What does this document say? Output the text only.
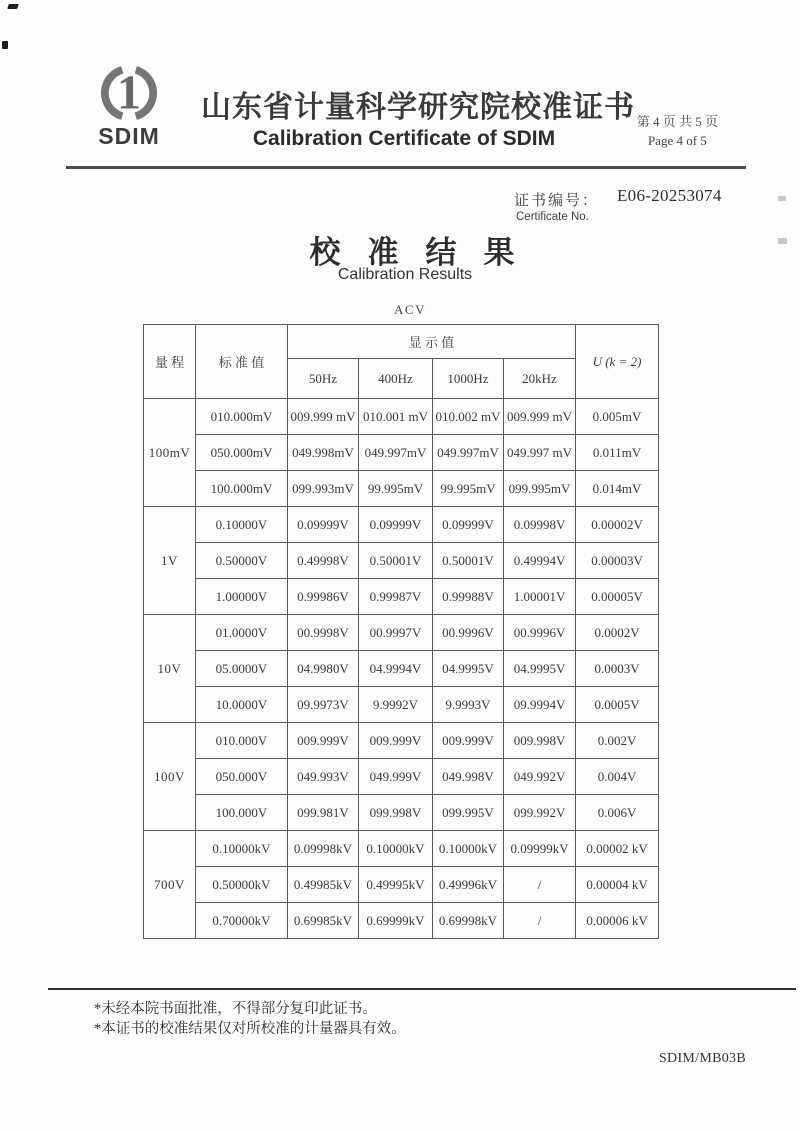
1
SDIM
山东省计量科学研究院校准证书
Calibration Certificate of SDIM
第 4 页 共 5 页
Page 4 of 5
证书编号： E06-20253074
Certificate No.
校准结果
Calibration Results
ACV
量 程	标 准 值	显 示 值				U (k = 2)
		50Hz	400Hz	1000Hz	20kHz	
100mV	010.000mV	009.999 mV	010.001 mV	010.002 mV	009.999 mV	0.005mV
	050.000mV	049.998mV	049.997mV	049.997mV	049.997 mV	0.011mV
	100.000mV	099.993mV	99.995mV	99.995mV	099.995mV	0.014mV
1V	0.10000V	0.09999V	0.09999V	0.09999V	0.09998V	0.00002V
	0.50000V	0.49998V	0.50001V	0.50001V	0.49994V	0.00003V
	1.00000V	0.99986V	0.99987V	0.99988V	1.00001V	0.00005V
10V	01.0000V	00.9998V	00.9997V	00.9996V	00.9996V	0.0002V
	05.0000V	04.9980V	04.9994V	04.9995V	04.9995V	0.0003V
	10.0000V	09.9973V	9.9992V	9.9993V	09.9994V	0.0005V
100V	010.000V	009.999V	009.999V	009.999V	009.998V	0.002V
	050.000V	049.993V	049.999V	049.998V	049.992V	0.004V
	100.000V	099.981V	099.998V	099.995V	099.992V	0.006V
700V	0.10000kV	0.09998kV	0.10000kV	0.10000kV	0.09999kV	0.00002 kV
	0.50000kV	0.49985kV	0.49995kV	0.49996kV	/	0.00004 kV
	0.70000kV	0.69985kV	0.69999kV	0.69998kV	/	0.00006 kV
*未经本院书面批准，不得部分复印此证书。
*本证书的校准结果仅对所校准的计量器具有效。
SDIM/MB03B
